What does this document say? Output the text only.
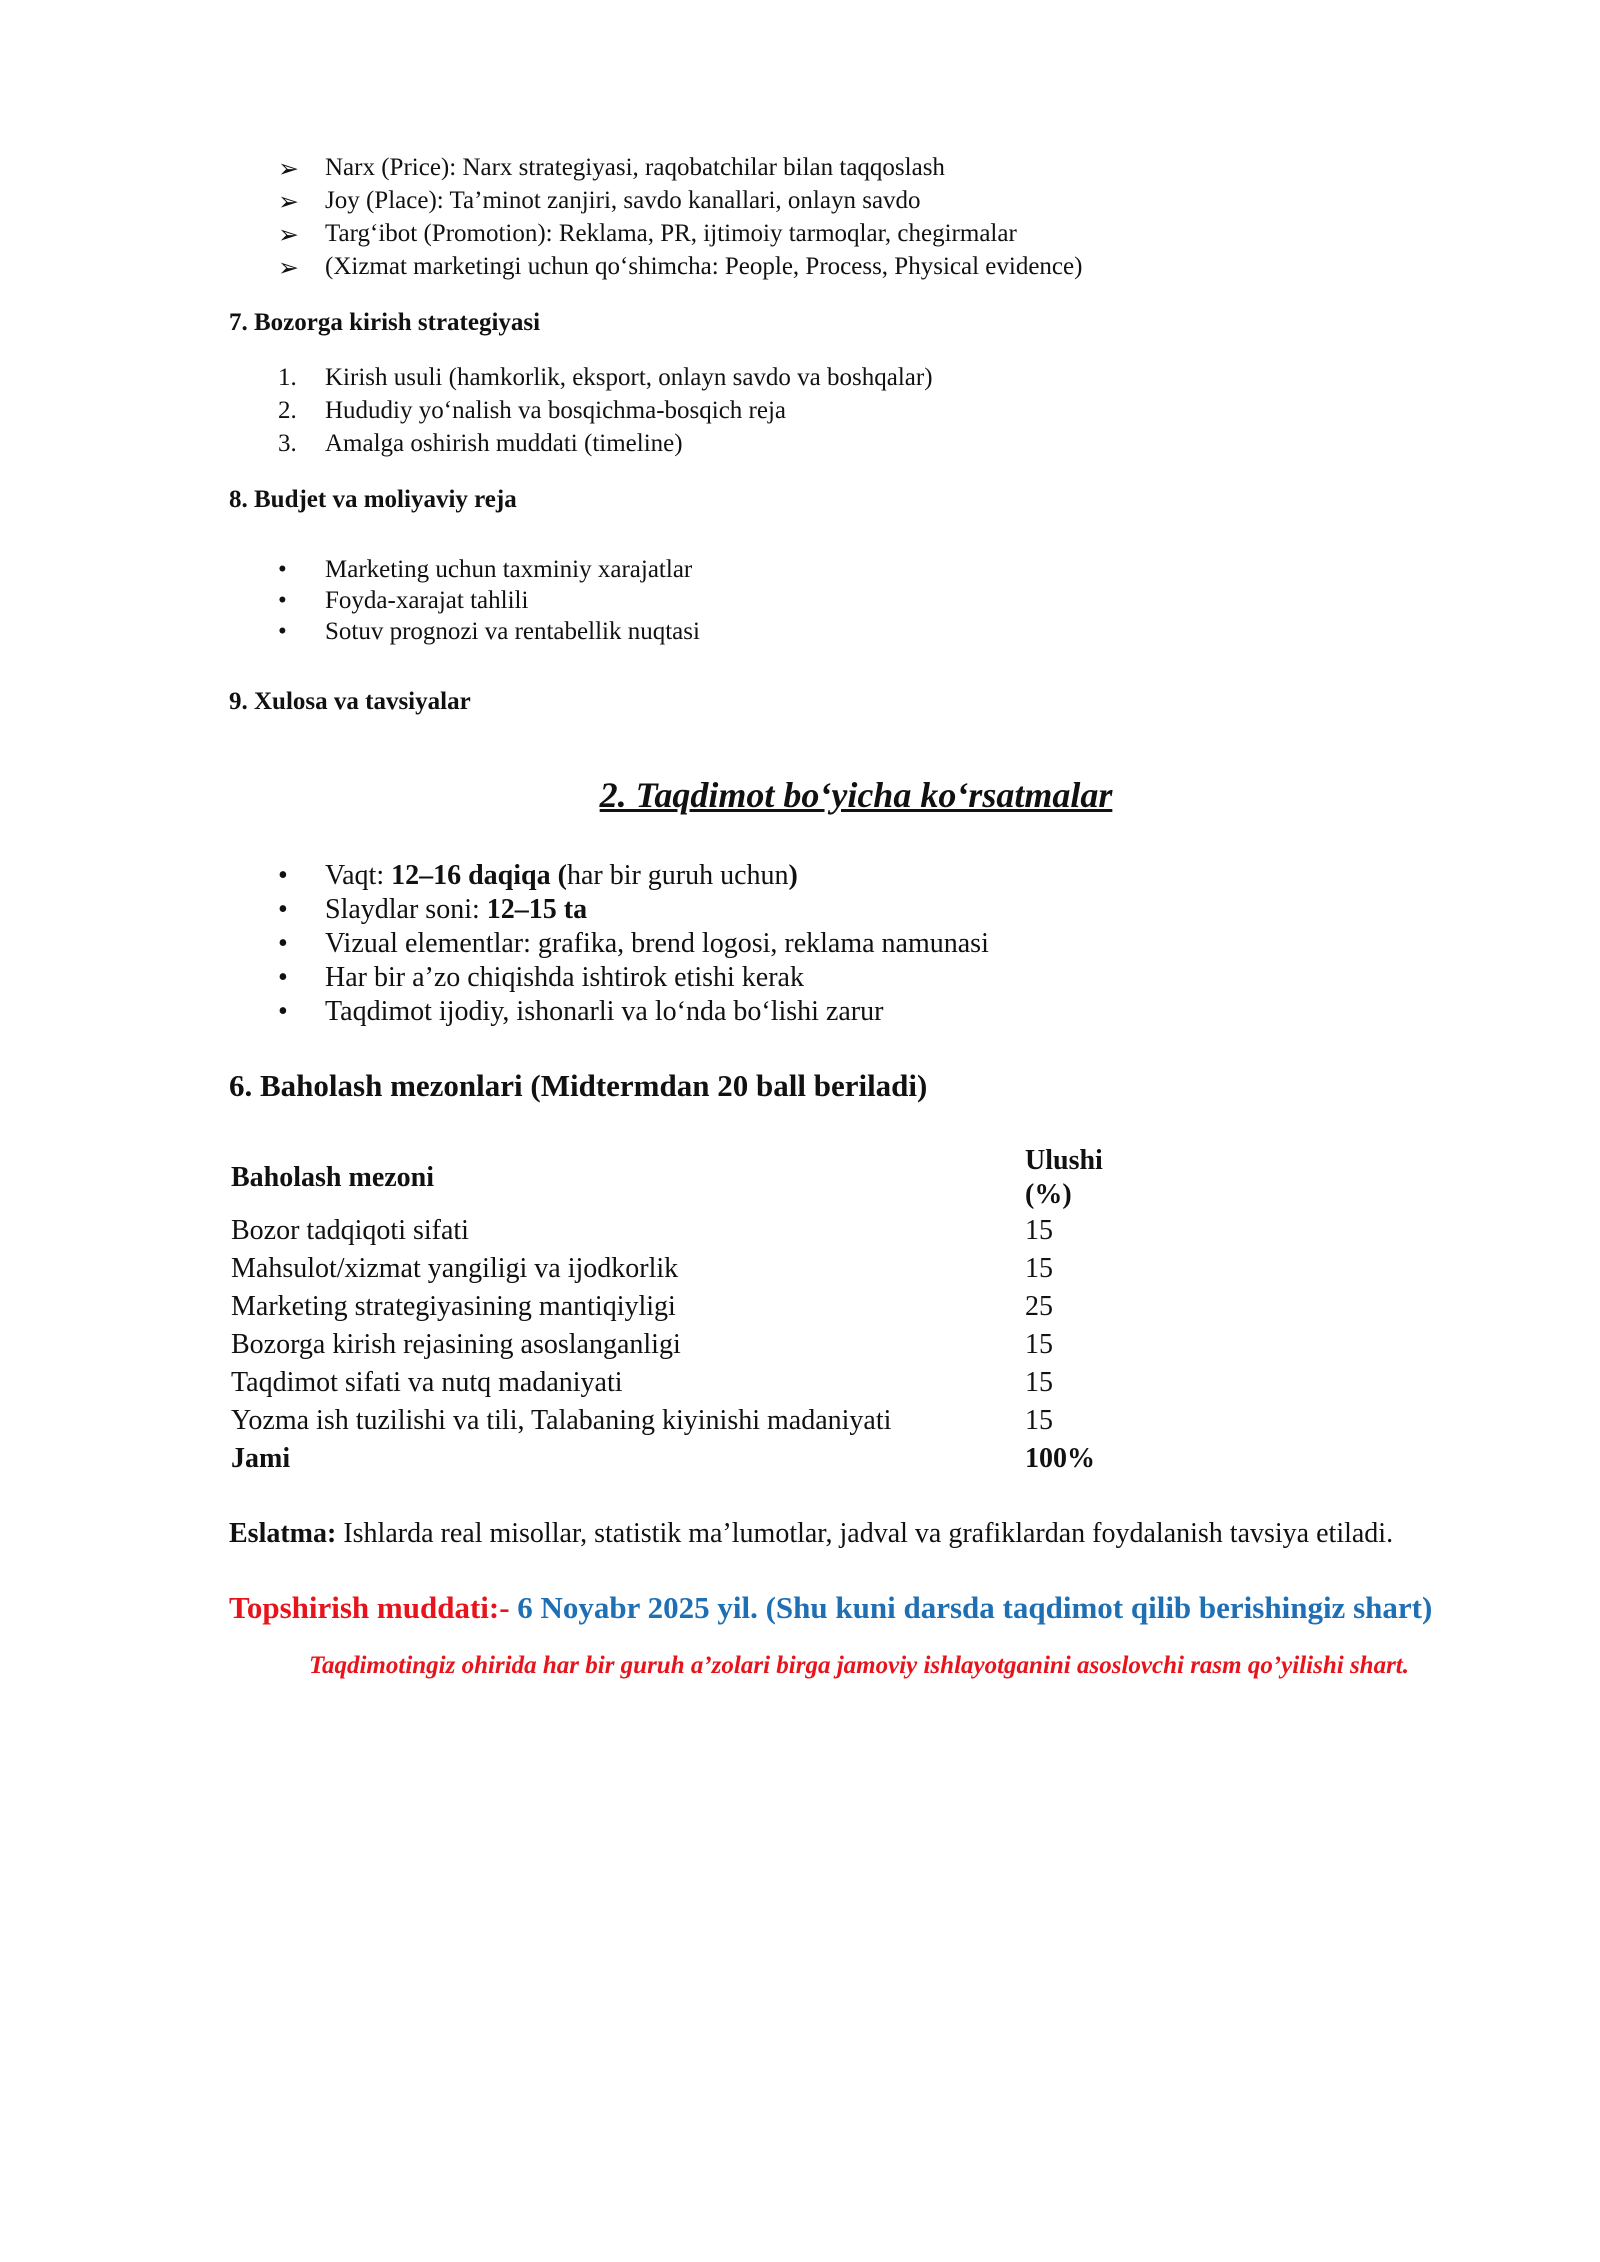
➢ Narx (Price): Narx strategiyasi, raqobatchilar bilan taqqoslash
➢ Joy (Place): Ta’minot zanjiri, savdo kanallari, onlayn savdo
➢ Targ‘ibot (Promotion): Reklama, PR, ijtimoiy tarmoqlar, chegirmalar
➢ (Xizmat marketingi uchun qo‘shimcha: People, Process, Physical evidence)
7. Bozorga kirish strategiyasi
1. Kirish usuli (hamkorlik, eksport, onlayn savdo va boshqalar)
2. Hududiy yo‘nalish va bosqichma-bosqich reja
3. Amalga oshirish muddati (timeline)
8. Budjet va moliyaviy reja
• Marketing uchun taxminiy xarajatlar
• Foyda-xarajat tahlili
• Sotuv prognozi va rentabellik nuqtasi
9. Xulosa va tavsiyalar
2. Taqdimot bo‘yicha ko‘rsatmalar
• Vaqt: 12–16 daqiqa (har bir guruh uchun)
• Slaydlar soni: 12–15 ta
• Vizual elementlar: grafika, brend logosi, reklama namunasi
• Har bir a’zo chiqishda ishtirok etishi kerak
• Taqdimot ijodiy, ishonarli va lo‘nda bo‘lishi zarur
6. Baholash mezonlari (Midtermdan 20 ball beriladi)
Baholash mezoni	Ulushi
(%)

Bozor tadqiqoti sifati	15
Mahsulot/xizmat yangiligi va ijodkorlik	15
Marketing strategiyasining mantiqiyligi	25
Bozorga kirish rejasining asoslanganligi	15
Taqdimot sifati va nutq madaniyati	15
Yozma ish tuzilishi va tili, Talabaning kiyinishi madaniyati	15
Jami	100%
Eslatma: Ishlarda real misollar, statistik ma’lumotlar, jadval va grafiklardan foydalanish tavsiya etiladi.
Topshirish muddati:- 6 Noyabr 2025 yil. (Shu kuni darsda taqdimot qilib berishingiz shart)
Taqdimotingiz ohirida har bir guruh a’zolari birga jamoviy ishlayotganini asoslovchi rasm qo’yilishi shart.
